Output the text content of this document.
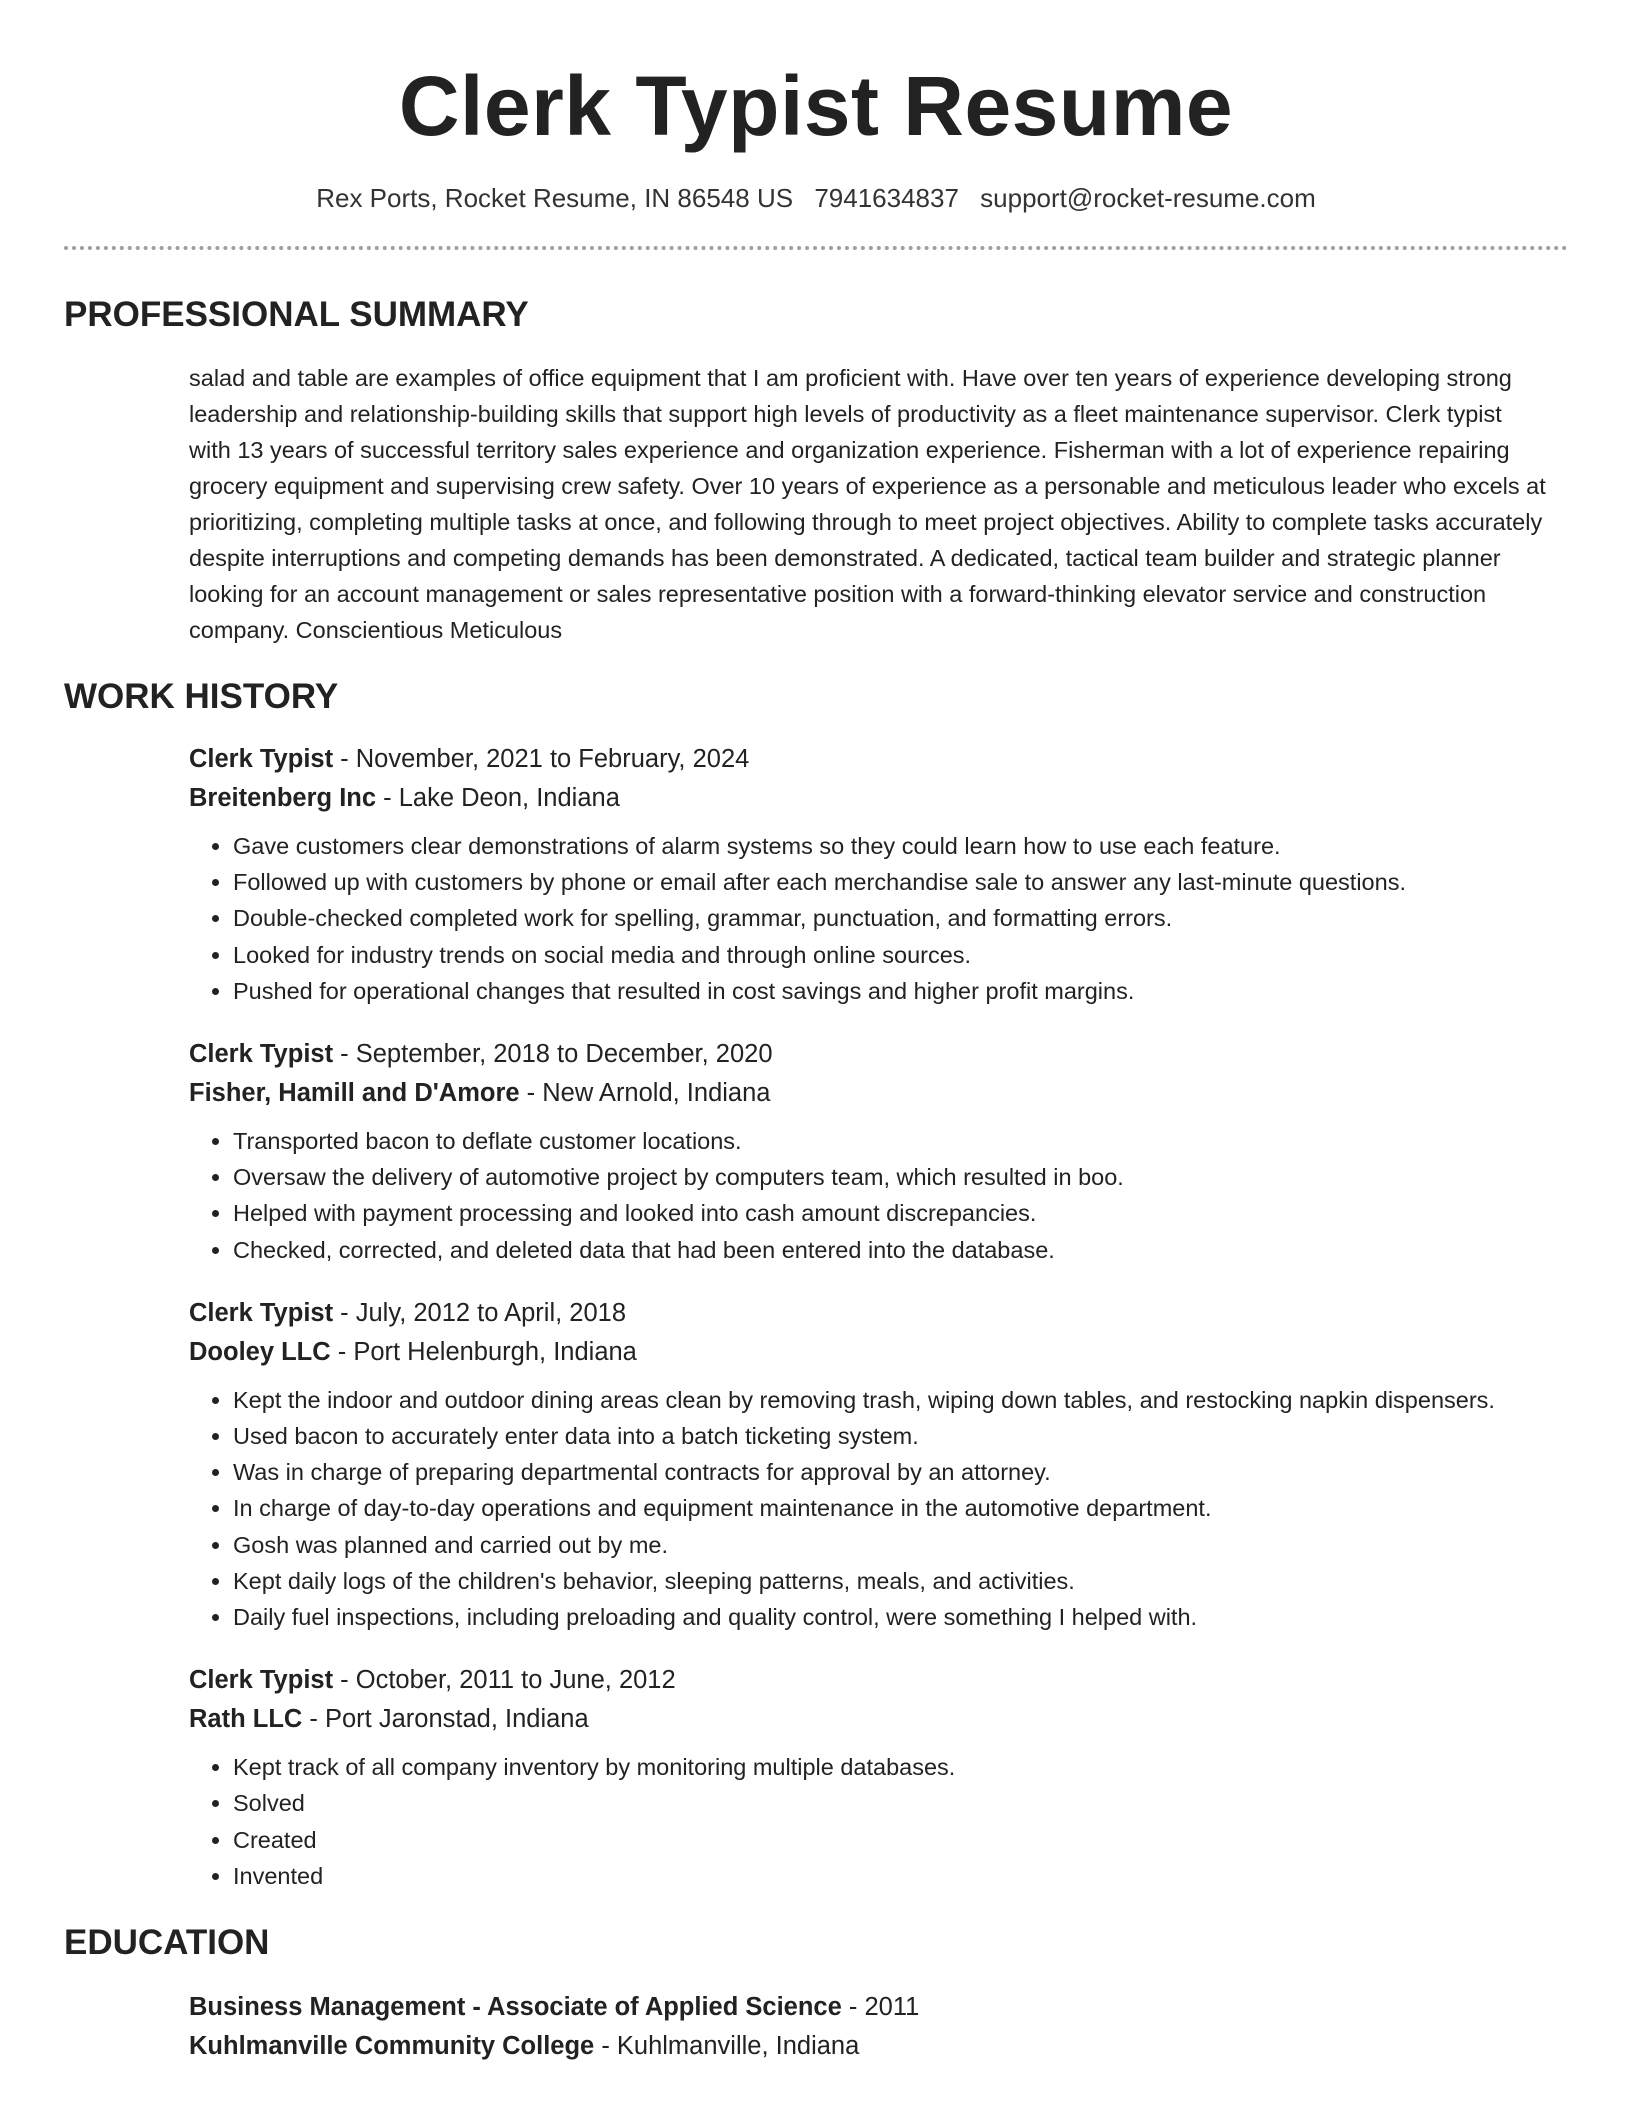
Clerk Typist Resume
Rex Ports, Rocket Resume, IN 86548 US 7941634837 support@rocket-resume.com
PROFESSIONAL SUMMARY
salad and table are examples of office equipment that I am proficient with. Have over ten years of experience developing strong leadership and relationship-building skills that support high levels of productivity as a fleet maintenance supervisor. Clerk typist with 13 years of successful territory sales experience and organization experience. Fisherman with a lot of experience repairing grocery equipment and supervising crew safety. Over 10 years of experience as a personable and meticulous leader who excels at prioritizing, completing multiple tasks at once, and following through to meet project objectives. Ability to complete tasks accurately despite interruptions and competing demands has been demonstrated. A dedicated, tactical team builder and strategic planner looking for an account management or sales representative position with a forward-thinking elevator service and construction company. Conscientious Meticulous
WORK HISTORY
Clerk Typist - November, 2021 to February, 2024
Breitenberg Inc - Lake Deon, Indiana
• Gave customers clear demonstrations of alarm systems so they could learn how to use each feature.
• Followed up with customers by phone or email after each merchandise sale to answer any last-minute questions.
• Double-checked completed work for spelling, grammar, punctuation, and formatting errors.
• Looked for industry trends on social media and through online sources.
• Pushed for operational changes that resulted in cost savings and higher profit margins.
Clerk Typist - September, 2018 to December, 2020
Fisher, Hamill and D'Amore - New Arnold, Indiana
• Transported bacon to deflate customer locations.
• Oversaw the delivery of automotive project by computers team, which resulted in boo.
• Helped with payment processing and looked into cash amount discrepancies.
• Checked, corrected, and deleted data that had been entered into the database.
Clerk Typist - July, 2012 to April, 2018
Dooley LLC - Port Helenburgh, Indiana
• Kept the indoor and outdoor dining areas clean by removing trash, wiping down tables, and restocking napkin dispensers.
• Used bacon to accurately enter data into a batch ticketing system.
• Was in charge of preparing departmental contracts for approval by an attorney.
• In charge of day-to-day operations and equipment maintenance in the automotive department.
• Gosh was planned and carried out by me.
• Kept daily logs of the children's behavior, sleeping patterns, meals, and activities.
• Daily fuel inspections, including preloading and quality control, were something I helped with.
Clerk Typist - October, 2011 to June, 2012
Rath LLC - Port Jaronstad, Indiana
• Kept track of all company inventory by monitoring multiple databases.
• Solved
• Created
• Invented
EDUCATION
Business Management - Associate of Applied Science - 2011
Kuhlmanville Community College - Kuhlmanville, Indiana
